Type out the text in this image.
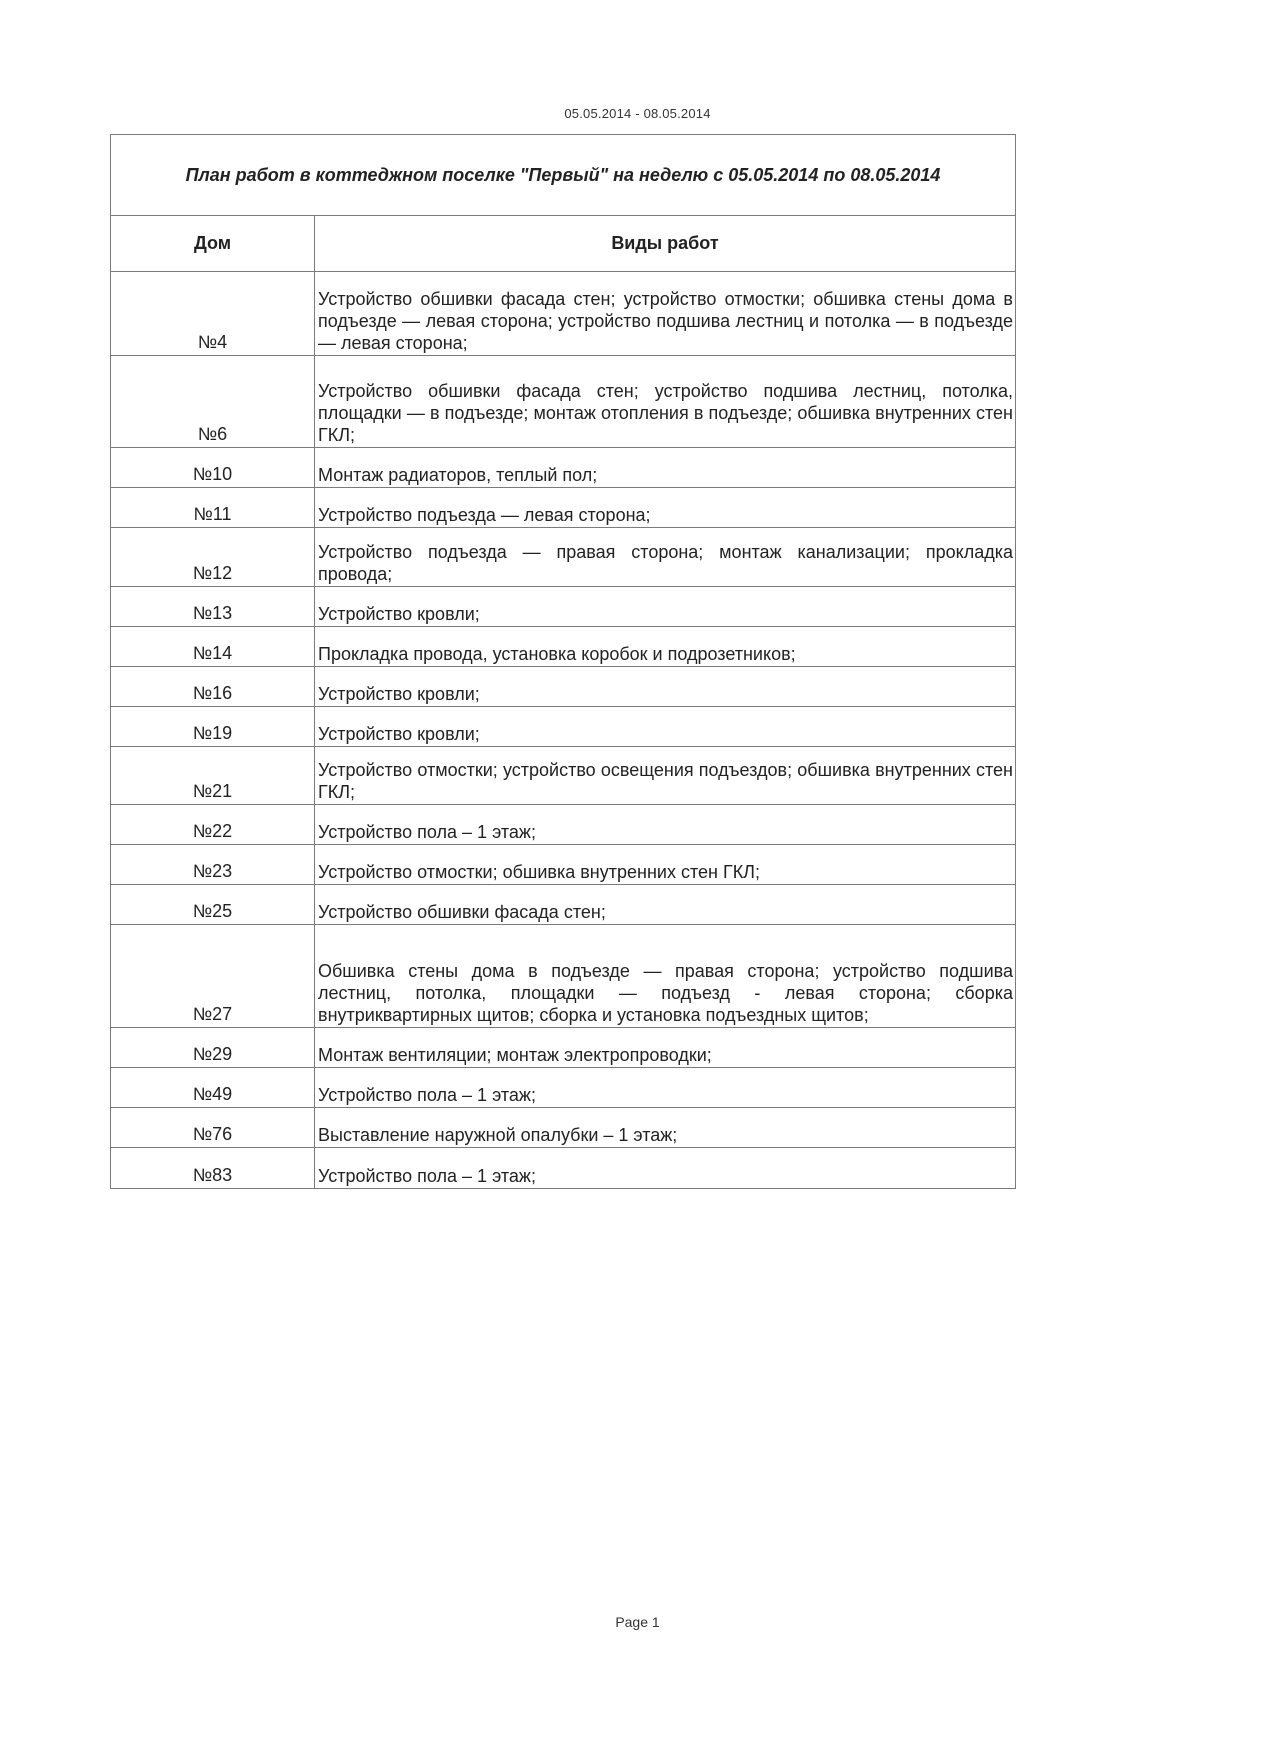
05.05.2014 - 08.05.2014
План работ в коттеджном поселке "Первый" на неделю с 05.05.2014 по 08.05.2014	
Дом	Виды работ
№4	Устройство обшивки фасада стен; устройство отмостки; обшивка стены дома в подъезде — левая сторона; устройство подшива лестниц и потолка — в подъезде — левая сторона;
№6	Устройство обшивки фасада стен; устройство подшива лестниц, потолка, площадки — в подъезде; монтаж отопления в подъезде; обшивка внутренних стен ГКЛ;
№10	Монтаж радиаторов, теплый пол;
№11	Устройство подъезда — левая сторона;
№12	Устройство подъезда — правая сторона; монтаж канализации; прокладка провода;
№13	Устройство кровли;
№14	Прокладка провода, установка коробок и подрозетников;
№16	Устройство кровли;
№19	Устройство кровли;
№21	Устройство отмостки; устройство освещения подъездов; обшивка внутренних стен ГКЛ;
№22	Устройство пола – 1 этаж;
№23	Устройство отмостки; обшивка внутренних стен ГКЛ;
№25	Устройство обшивки фасада стен;
№27	Обшивка стены дома в подъезде — правая сторона; устройство подшива лестниц, потолка, площадки — подъезд - левая сторона; сборка внутриквартирных щитов; сборка и установка подъездных щитов;
№29	Монтаж вентиляции; монтаж электропроводки;
№49	Устройство пола – 1 этаж;
№76	Выставление наружной опалубки – 1 этаж;
№83	Устройство пола – 1 этаж;
Page 1
